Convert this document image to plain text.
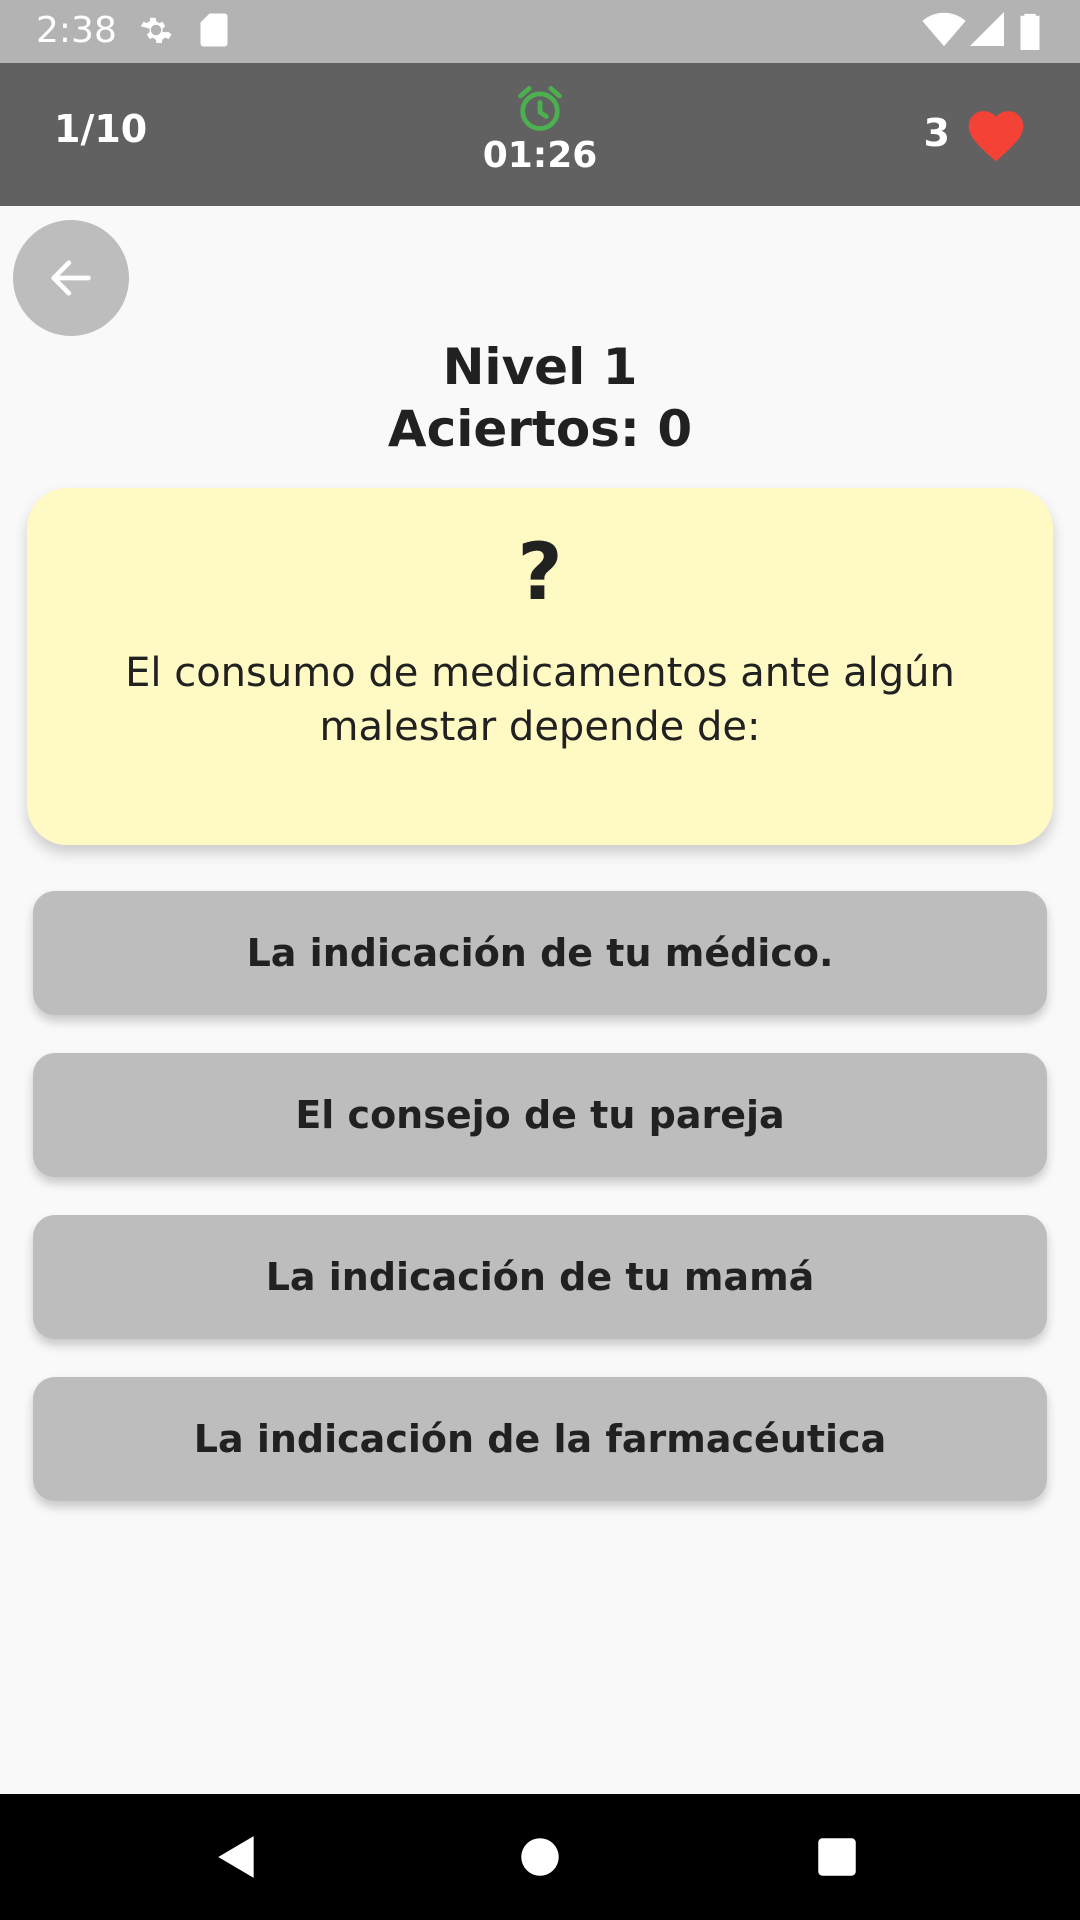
2:38
1/10
01:26
3
Nivel 1
Aciertos: 0
?
El consumo de medicamentos ante algún malestar depende de:
La indicación de tu médico.
El consejo de tu pareja
La indicación de tu mamá
La indicación de la farmacéutica
